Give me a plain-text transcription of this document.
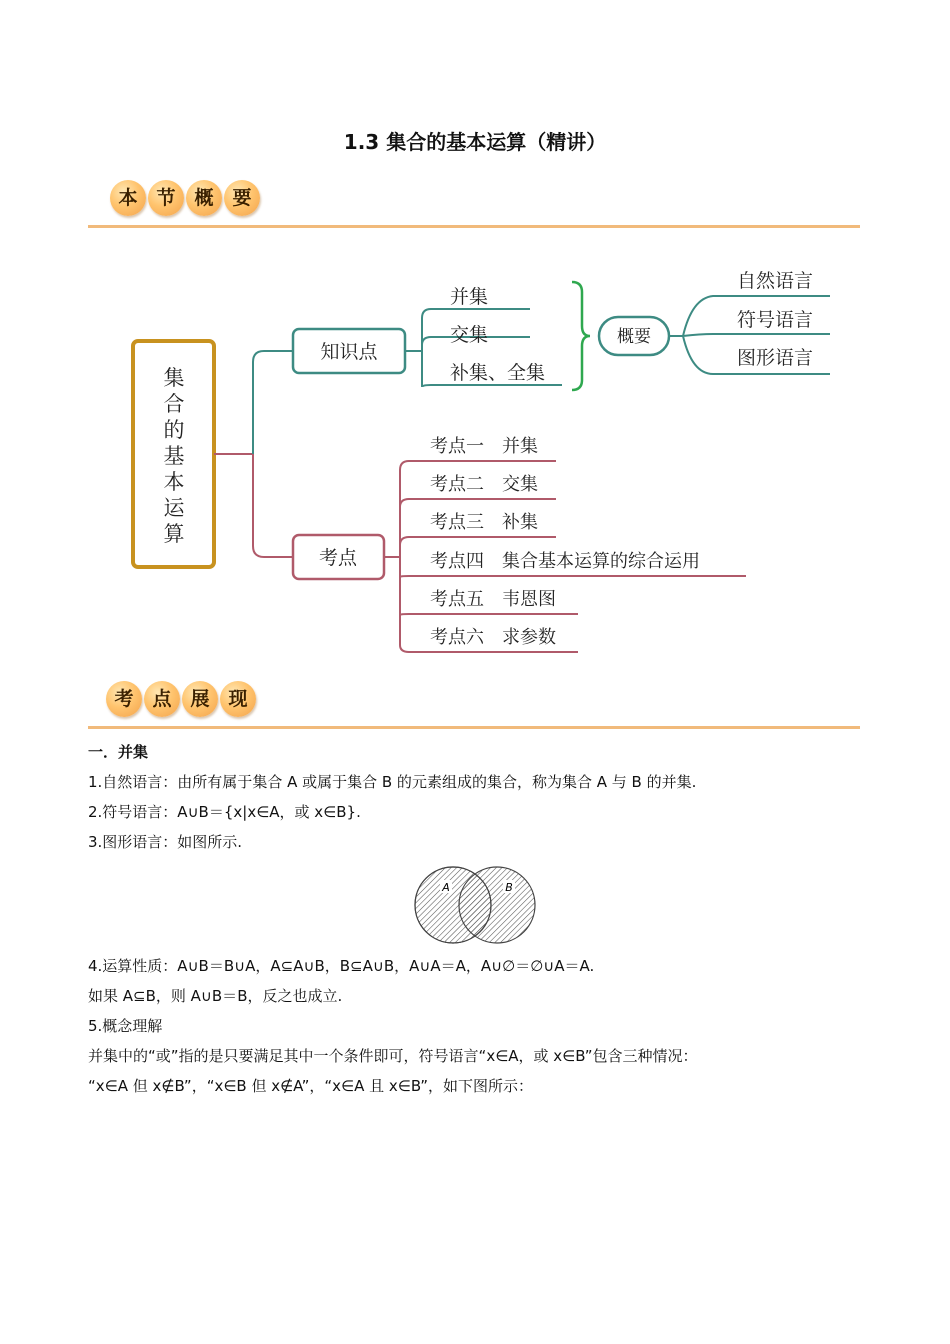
1.3 集合的基本运算（精讲）
本 节 概 要
集
合
的
基
本
运
算
知识点
并集
交集
补集、全集
概要
自然语言
符号语言
图形语言
考点
考点一　并集
考点二　交集
考点三　补集
考点四　集合基本运算的综合运用
考点五　韦恩图
考点六　求参数
考 点 展 现

一．并集

1.自然语言：由所有属于集合 A 或属于集合 B 的元素组成的集合，称为集合 A 与 B 的并集.

2.符号语言：A∪B＝{x|x∈A，或 x∈B}.

3.图形语言：如图所示.

A	B

4.运算性质：A∪B＝B∪A，A⊆A∪B，B⊆A∪B，A∪A＝A，A∪∅＝∅∪A＝A.

如果 A⊆B，则 A∪B＝B，反之也成立.

5.概念理解

并集中的“或”指的是只要满足其中一个条件即可，符号语言“x∈A，或 x∈B”包含三种情况：

“x∈A 但 x∉B”，“x∈B 但 x∉A”，“x∈A 且 x∈B”，如下图所示：
